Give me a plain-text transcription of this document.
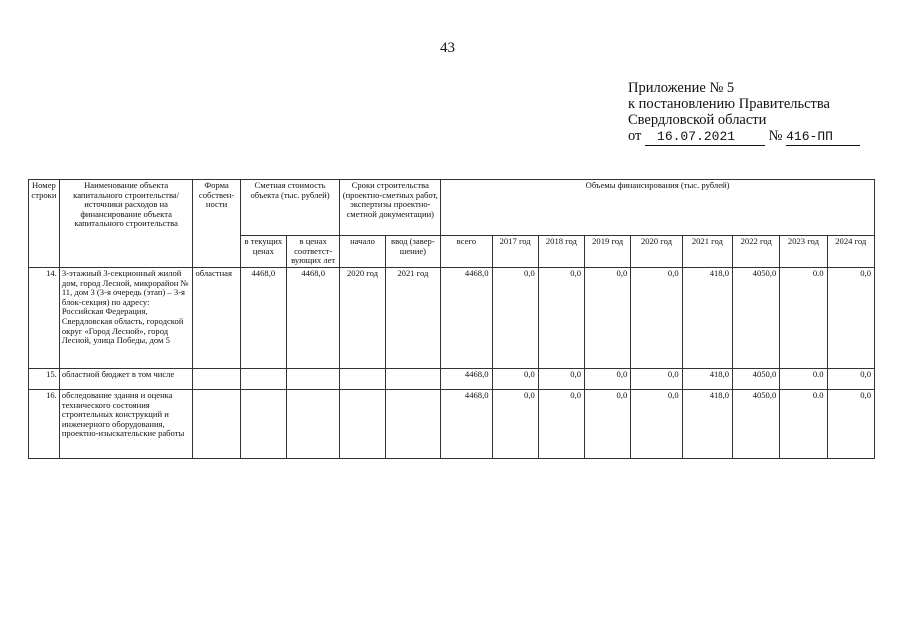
43
Приложение № 5
к постановлению Правительства
Свердловской области
от 16.07.2021 № 416-ПП
Номер строки	Наименование объекта капитального строительства/ источники расходов на финансирование объекта капитального строительства	Форма собствен-ности	Сметная стоимость объекта (тыс. рублей)		Сроки строительства (проектно-сметных работ, экспертизы проектно-сметной документации)		Объемы финансирования (тыс. рублей)								
			в текущих ценах	в ценах соответст-вующих лет	начало	ввод (завер-шение)	всего	2017 год	2018 год	2019 год	2020 год	2021 год	2022 год	2023 год	2024 год
14.	3-этажный 3-секционный жилой дом, город Лесной, микрорайон № 11, дом 3 (3-я очередь (этап) – 3-я блок-секция) по адресу: Российская Федерация, Свердловская область, городской округ «Город Лесной», город Лесной, улица Победы, дом 5	областная	4468,0	4468,0	2020 год	2021 год	4468,0	0,0	0,0	0,0	0,0	418,0	4050,0	0.0	0,0
15.	областной бюджет в том числе						4468,0	0,0	0,0	0,0	0,0	418,0	4050,0	0.0	0,0
16.	обследование здания и оценка технического состояния строительных конструкций и инженерного оборудования, проектно-изыскательские работы						4468,0	0,0	0,0	0,0	0,0	418,0	4050,0	0.0	0,0
